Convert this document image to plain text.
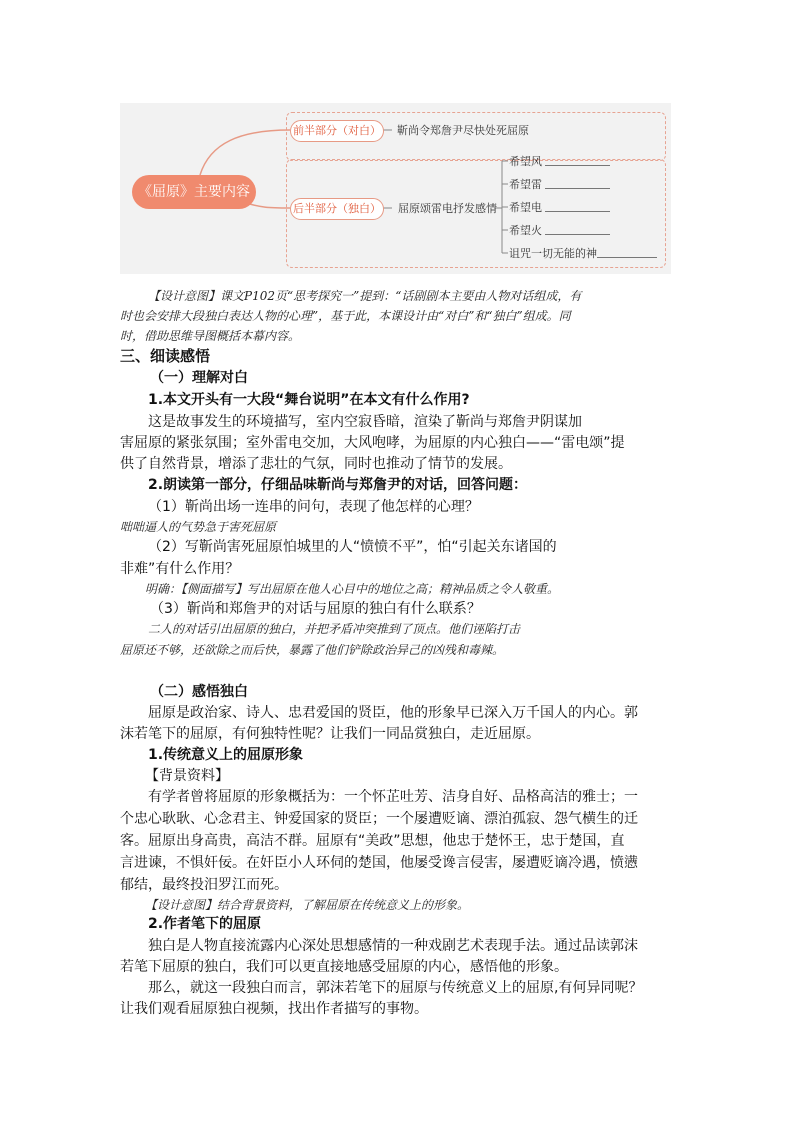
《屈原》主要内容
前半部分（对白）
后半部分（独白）
靳尚令郑詹尹尽快处死屈原
屈原颂雷电抒发感情
希望风
希望雷
希望电
希望火
诅咒一切无能的神
【设计意图】课文P102页“思考探究一”提到：“话剧剧本主要由人物对话组成，有
时也会安排大段独白表达人物的心理”，基于此，本课设计由“对白”和“独白”组成。同
时，借助思维导图概括本幕内容。
三、细读感悟
（一）理解对白
1.本文开头有一大段“舞台说明”在本文有什么作用?
这是故事发生的环境描写，室内空寂昏暗，渲染了靳尚与郑詹尹阴谋加
害屈原的紧张氛围；室外雷电交加，大风咆哮，为屈原的内心独白——“雷电颂”提
供了自然背景，增添了悲壮的气氛，同时也推动了情节的发展。
2.朗读第一部分，仔细品味靳尚与郑詹尹的对话，回答问题：
（1）靳尚出场一连串的问句，表现了他怎样的心理？
咄咄逼人的气势急于害死屈原
（2）写靳尚害死屈原怕城里的人“愤愤不平”，怕“引起关东诸国的
非难”有什么作用？
明确：【侧面描写】写出屈原在他人心目中的地位之高；精神品质之令人敬重。
（3）靳尚和郑詹尹的对话与屈原的独白有什么联系？
二人的对话引出屈原的独白，并把矛盾冲突推到了顶点。他们诬陷打击
屈原还不够，还欲除之而后快，暴露了他们铲除政治异己的凶残和毒辣。
（二）感悟独白
屈原是政治家、诗人、忠君爱国的贤臣，他的形象早已深入万千国人的内心。郭
沫若笔下的屈原，有何独特性呢？让我们一同品赏独白，走近屈原。
1.传统意义上的屈原形象
【背景资料】
有学者曾将屈原的形象概括为：一个怀芷吐芳、洁身自好、品格高洁的雅士；一
个忠心耿耿、心念君主、钟爱国家的贤臣；一个屡遭贬谪、漂泊孤寂、怨气横生的迁
客。屈原出身高贵，高洁不群。屈原有“美政”思想，他忠于楚怀王，忠于楚国，直
言进谏，不惧奸佞。在奸臣小人环伺的楚国，他屡受谗言侵害，屡遭贬谪冷遇，愤懑
郁结，最终投汨罗江而死。
【设计意图】结合背景资料，了解屈原在传统意义上的形象。
2.作者笔下的屈原
独白是人物直接流露内心深处思想感情的一种戏剧艺术表现手法。通过品读郭沫
若笔下屈原的独白，我们可以更直接地感受屈原的内心，感悟他的形象。
那么，就这一段独白而言，郭沫若笔下的屈原与传统意义上的屈原,有何异同呢？
让我们观看屈原独白视频，找出作者描写的事物。
